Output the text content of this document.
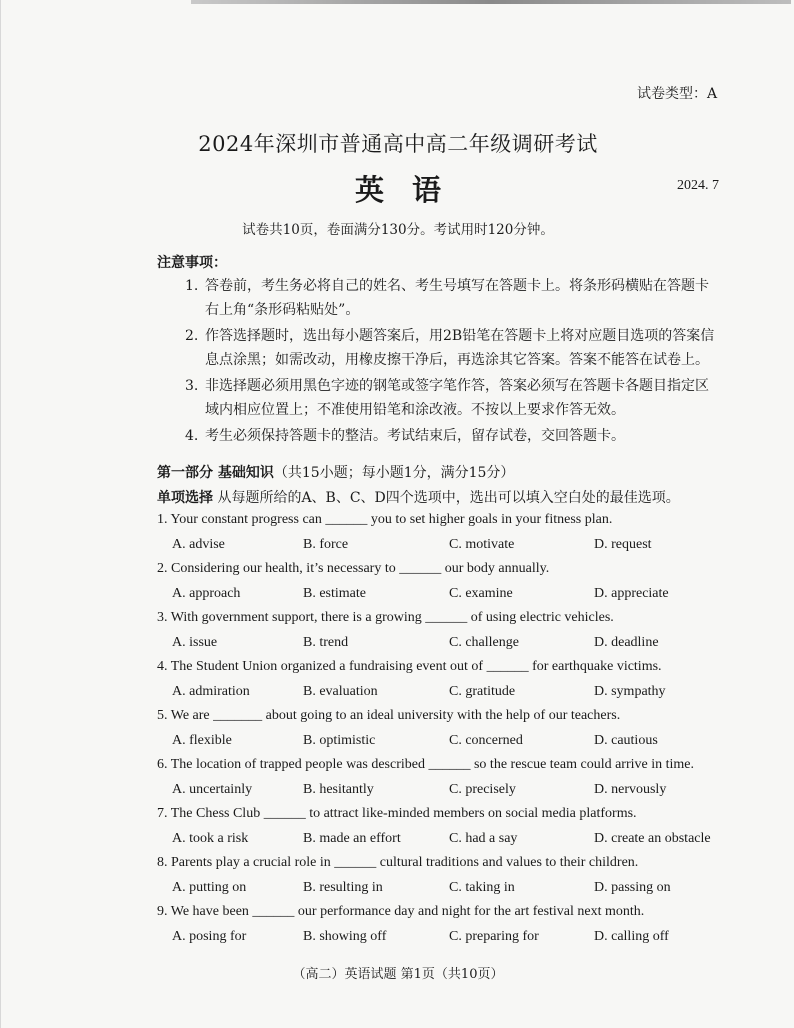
试卷类型：A
2024年深圳市普通高中高二年级调研考试
英语	2024. 7
试卷共10页，卷面满分130分。考试用时120分钟。
注意事项：
1. 答卷前，考生务必将自己的姓名、考生号填写在答题卡上。将条形码横贴在答题卡
右上角“条形码粘贴处”。
2. 作答选择题时，选出每小题答案后，用2B铅笔在答题卡上将对应题目选项的答案信
息点涂黑；如需改动，用橡皮擦干净后，再选涂其它答案。答案不能答在试卷上。
3. 非选择题必须用黑色字迹的钢笔或签字笔作答，答案必须写在答题卡各题目指定区
域内相应位置上；不准使用铅笔和涂改液。不按以上要求作答无效。
4. 考生必须保持答题卡的整洁。考试结束后，留存试卷，交回答题卡。
第一部分 基础知识（共15小题；每小题1分，满分15分）
单项选择 从每题所给的A、B、C、D四个选项中，选出可以填入空白处的最佳选项。
1. Your constant progress can ______ you to set higher goals in your fitness plan.
A. advise	B. force	C. motivate	D. request
2. Considering our health, it’s necessary to ______ our body annually.
A. approach	B. estimate	C. examine	D. appreciate
3. With government support, there is a growing ______ of using electric vehicles.
A. issue	B. trend	C. challenge	D. deadline
4. The Student Union organized a fundraising event out of ______ for earthquake victims.
A. admiration	B. evaluation	C. gratitude	D. sympathy
5. We are _______ about going to an ideal university with the help of our teachers.
A. flexible	B. optimistic	C. concerned	D. cautious
6. The location of trapped people was described ______ so the rescue team could arrive in time.
A. uncertainly	B. hesitantly	C. precisely	D. nervously
7. The Chess Club ______ to attract like-minded members on social media platforms.
A. took a risk	B. made an effort	C. had a say	D. create an obstacle
8. Parents play a crucial role in ______ cultural traditions and values to their children.
A. putting on	B. resulting in	C. taking in	D. passing on
9. We have been ______ our performance day and night for the art festival next month.
A. posing for	B. showing off	C. preparing for	D. calling off
（高二）英语试题 第1页（共10页）
